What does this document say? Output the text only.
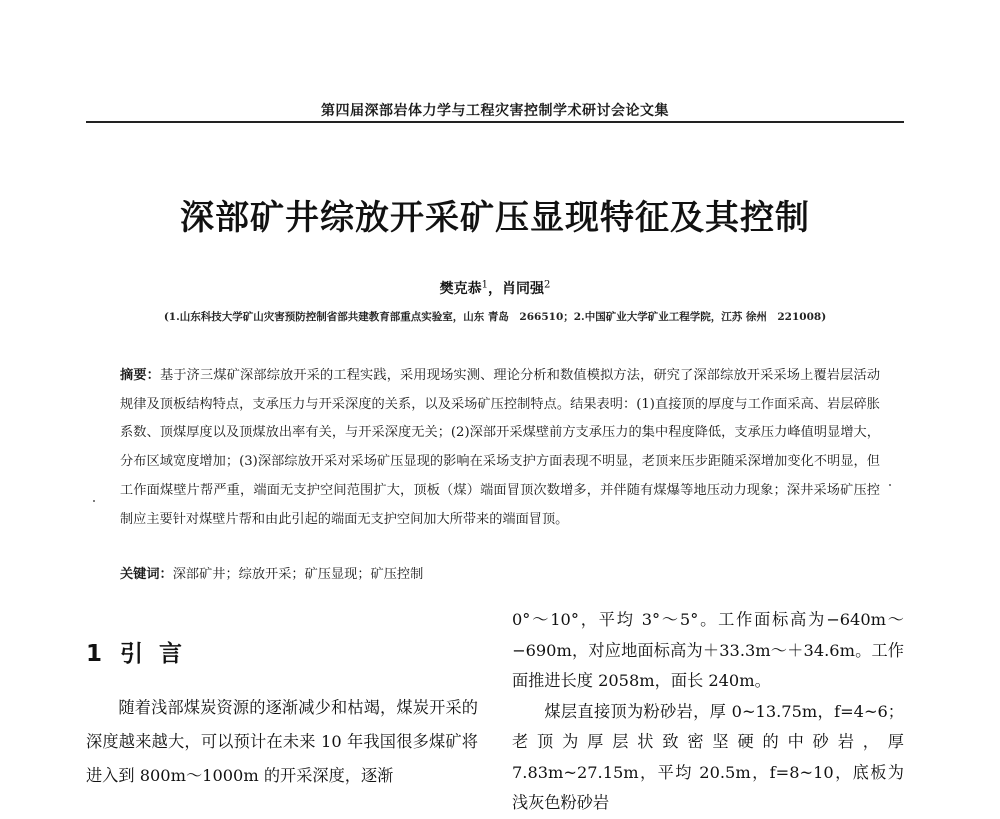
第四届深部岩体力学与工程灾害控制学术研讨会论文集
深部矿井综放开采矿压显现特征及其控制
樊克恭$^1$，肖同强$^2$
(1.山东科技大学矿山灾害预防控制省部共建教育部重点实验室，山东 青岛　266510；2.中国矿业大学矿业工程学院，江苏 徐州　221008)
摘要：基于济三煤矿深部综放开采的工程实践，采用现场实测、理论分析和数值模拟方法，研究了深部综放开采采场上覆岩层活动规律及顶板结构特点，支承压力与开采深度的关系，以及采场矿压控制特点。结果表明：(1)直接顶的厚度与工作面采高、岩层碎胀系数、顶煤厚度以及顶煤放出率有关，与开采深度无关；(2)深部开采煤壁前方支承压力的集中程度降低，支承压力峰值明显增大，分布区域宽度增加；(3)深部综放开采对采场矿压显现的影响在采场支护方面表现不明显，老顶来压步距随采深增加变化不明显，但工作面煤壁片帮严重，端面无支护空间范围扩大，顶板（煤）端面冒顶次数增多，并伴随有煤爆等地压动力现象；深井采场矿压控制应主要针对煤壁片帮和由此引起的端面无支护空间加大所带来的端面冒顶。
关键词：深部矿井；综放开采；矿压显现；矿压控制
1 引言

随着浅部煤炭资源的逐渐减少和枯竭，煤炭开采的深度越来越大，可以预计在未来 10 年我国很多煤矿将进入到 800m～1000m 的开采深度，逐渐

0°～10°，平均 3°～5°。工作面标高为−640m～−690m，对应地面标高为＋33.3m～＋34.6m。工作面推进长度 2058m，面长 240m。

煤层直接顶为粉砂岩，厚 0~13.75m，f=4~6；老顶为厚层状致密坚硬的中砂岩，厚 7.83m~27.15m，平均 20.5m，f=8~10，底板为浅灰色粉砂岩
